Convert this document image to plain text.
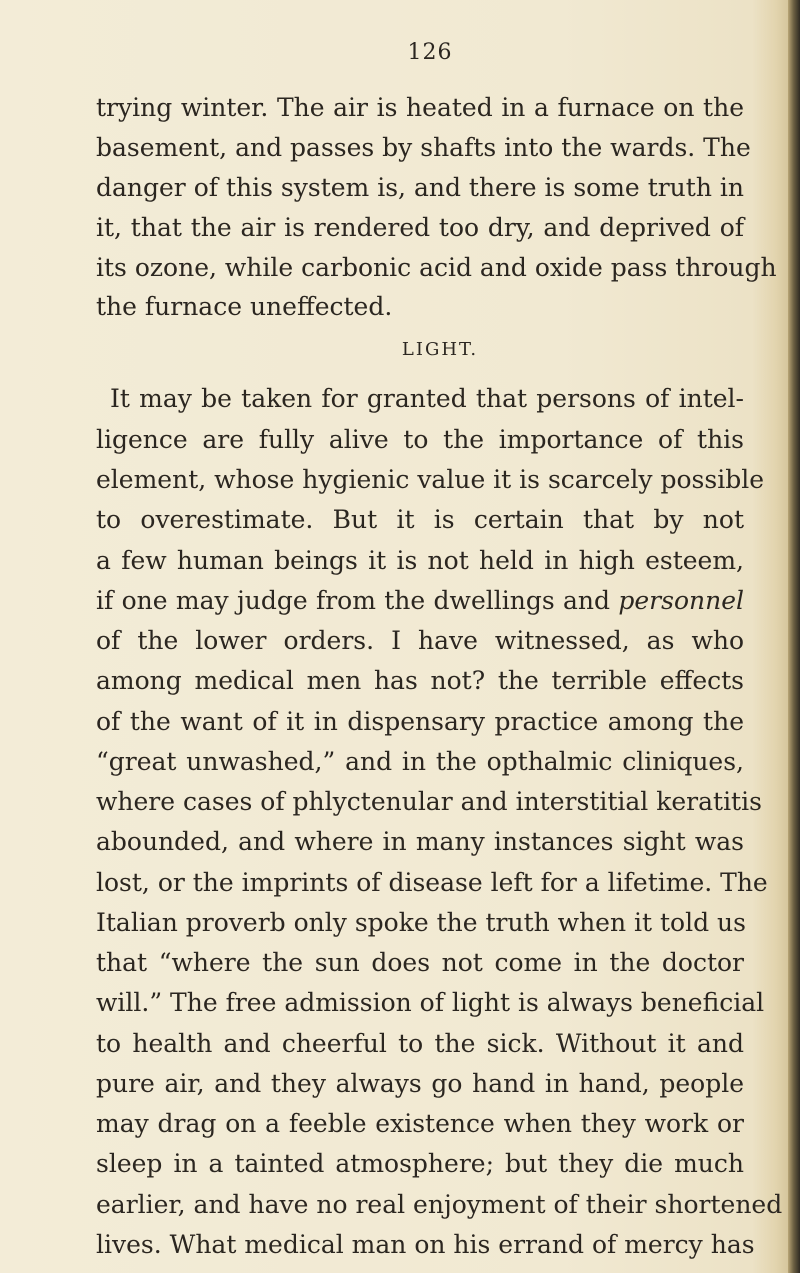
126
trying winter. The air is heated in a furnace on the
basement, and passes by shafts into the wards. The
danger of this system is, and there is some truth in
it, that the air is rendered too dry, and deprived of
its ozone, while carbonic acid and oxide pass through
the furnace uneffected.
LIGHT.
It may be taken for granted that persons of intel-
ligence are fully alive to the importance of this
element, whose hygienic value it is scarcely possible
to overestimate. But it is certain that by not
a few human beings it is not held in high esteem,
if one may judge from the dwellings and personnel
of the lower orders. I have witnessed, as who
among medical men has not? the terrible effects
of the want of it in dispensary practice among the
“great unwashed,” and in the opthalmic cliniques,
where cases of phlyctenular and interstitial keratitis
abounded, and where in many instances sight was
lost, or the imprints of disease left for a lifetime. The
Italian proverb only spoke the truth when it told us
that “where the sun does not come in the doctor
will.” The free admission of light is always beneficial
to health and cheerful to the sick. Without it and
pure air, and they always go hand in hand, people
may drag on a feeble existence when they work or
sleep in a tainted atmosphere; but they die much
earlier, and have no real enjoyment of their shortened
lives. What medical man on his errand of mercy has
